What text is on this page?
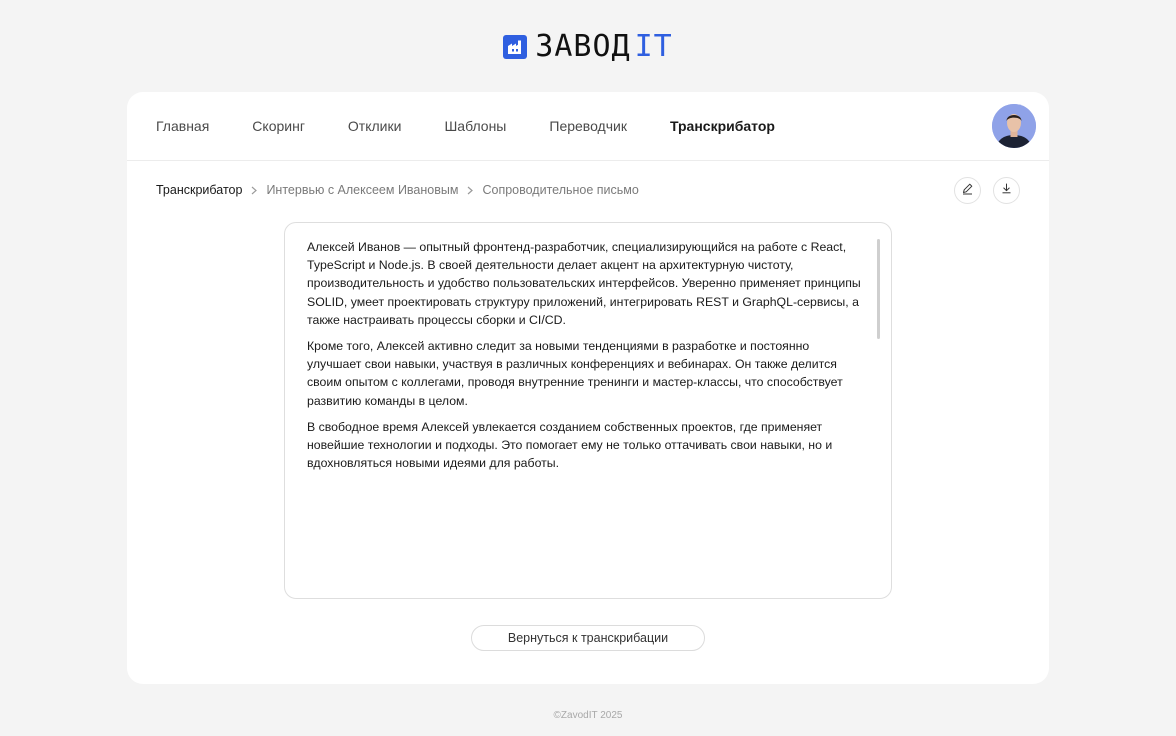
ЗАВОД IT
Главная	Скоринг	Отклики	Шаблоны	Переводчик	Транскрибатор
Транскрибатор Интервью с Алексеем Ивановым Сопроводительное письмо

Алексей Иванов — опытный фронтенд-разработчик, специализирующийся на работе с React, TypeScript и Node.js. В своей деятельности делает акцент на архитектурную чистоту, производительность и удобство пользовательских интерфейсов. Уверенно применяет принципы SOLID, умеет проектировать структуру приложений, интегрировать REST и GraphQL-сервисы, а также настраивать процессы сборки и CI/CD.

Кроме того, Алексей активно следит за новыми тенденциями в разработке и постоянно улучшает свои навыки, участвуя в различных конференциях и вебинарах. Он также делится своим опытом с коллегами, проводя внутренние тренинги и мастер-классы, что способствует развитию команды в целом.

В свободное время Алексей увлекается созданием собственных проектов, где применяет новейшие технологии и подходы. Это помогает ему не только оттачивать свои навыки, но и вдохновляться новыми идеями для работы.

Вернуться к транскрибации
©ZavodIT 2025
